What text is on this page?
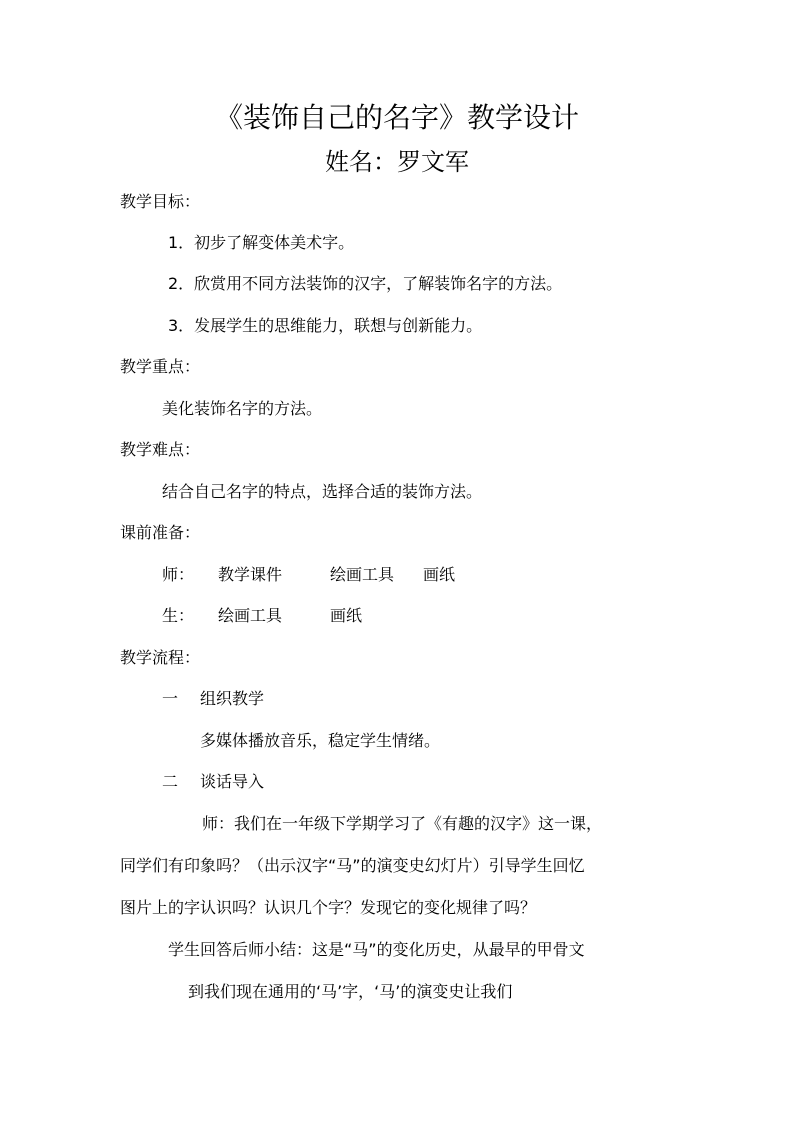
《装饰自己的名字》教学设计
姓名：罗文军
教学目标：
1．初步了解变体美术字。
2．欣赏用不同方法装饰的汉字，了解装饰名字的方法。
3．发展学生的思维能力，联想与创新能力。
教学重点：
美化装饰名字的方法。
教学难点：
结合自己名字的特点，选择合适的装饰方法。
课前准备：
师： 教学课件	绘画工具 画纸
生： 绘画工具	画纸
教学流程：
一 组织教学
多媒体播放音乐，稳定学生情绪。
二 谈话导入
师：我们在一年级下学期学习了《有趣的汉字》这一课，
同学们有印象吗？（出示汉字“马”的演变史幻灯片）引导学生回忆
图片上的字认识吗？认识几个字？发现它的变化规律了吗？
学生回答后师小结：这是“马”的变化历史，从最早的甲骨文
到我们现在通用的‘马’字，‘马’的演变史让我们
